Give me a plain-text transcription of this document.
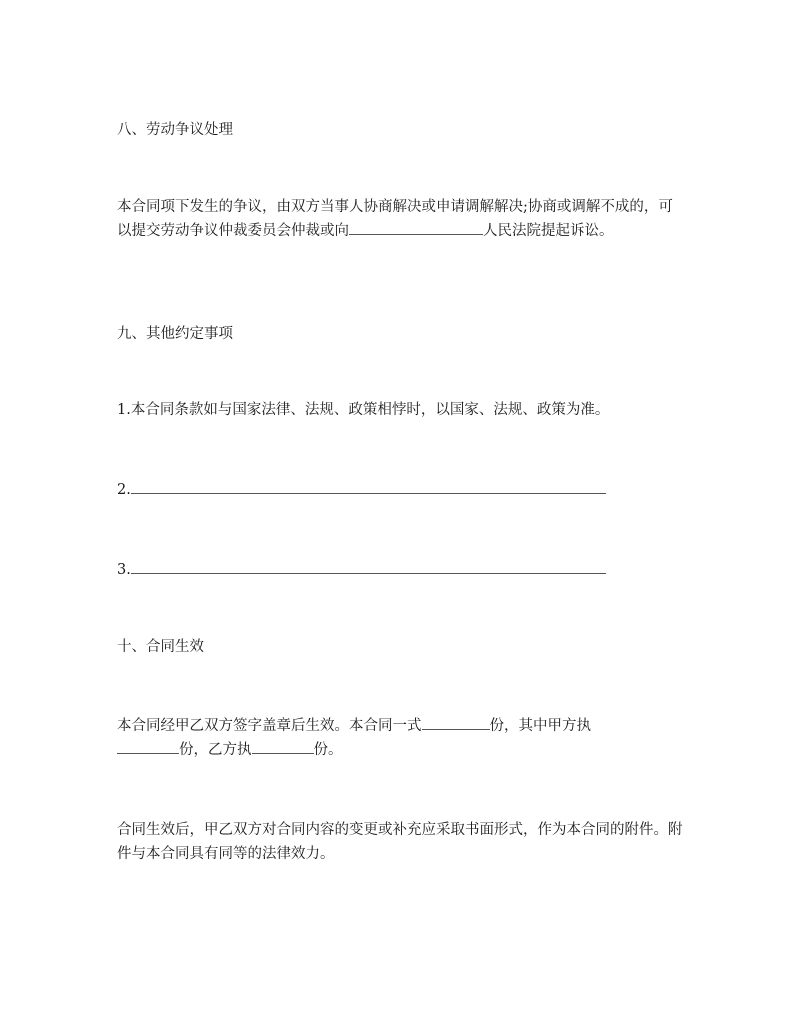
八、劳动争议处理
本合同项下发生的争议，由双方当事人协商解决或申请调解解决;协商或调解不成的，可以提交劳动争议仲裁委员会仲裁或向	人民法院提起诉讼。
九、其他约定事项
1.本合同条款如与国家法律、法规、政策相悖时，以国家、法规、政策为准。
2.
3.
十、合同生效
本合同经甲乙双方签字盖章后生效。本合同一式	份，其中甲方执
份，乙方执	份。
合同生效后，甲乙双方对合同内容的变更或补充应采取书面形式，作为本合同的附件。附件与本合同具有同等的法律效力。
